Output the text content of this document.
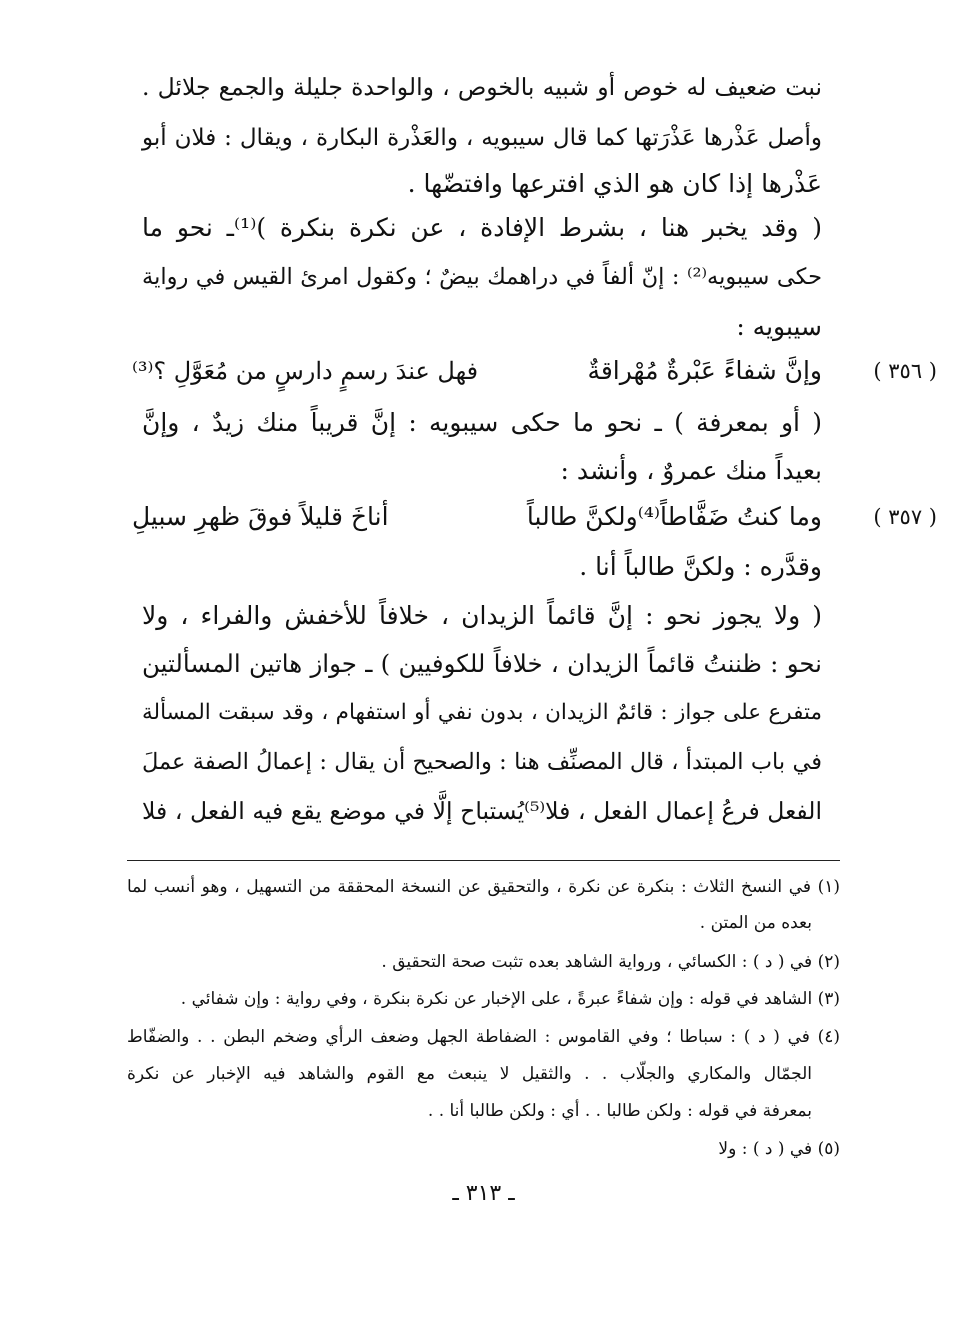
نبت ضعيف له خوص أو شبيه بالخوص ، والواحدة جليلة والجمع جلائل .
وأصل عَذْرها عَذْرَتها كما قال سيبويه ، والعَذْرة البكارة ، ويقال : فلان أبو
عَذْرها إذا كان هو الذي افترعها وافتضّها .
( وقد يخبر هنا ، بشرط الإفادة ، عن نكرة بنكرة )⁽¹⁾ـ نحو ما
حكى سيبويه⁽²⁾ : إنّ ألفاً في دراهمك بيضٌ ؛ وكقول امرئ القيس في رواية
سيبويه :
( ٣٥٦ )
وإنَّ شفاءً عَبْرةٌ مُهْراقةٌ
فهل عندَ رسمٍ دارسٍ من مُعَوَّلِ ؟⁽³⁾
( أو بمعرفة ) ـ نحو ما حكى سيبويه : إنَّ قريباً منك زيدٌ ، وإنَّ
بعيداً منك عمروٌ ، وأنشد :
( ٣٥٧ )
وما كنتُ ضَفَّاطاً⁽⁴⁾ولكنَّ طالباً
أناخَ قليلاً فوقَ ظهرِ سبيلِ
وقدَّره : ولكنَّ طالباً أنا .
( ولا يجوز نحو : إنَّ قائماً الزيدان ، خلافاً للأخفش والفراء ، ولا
نحو : ظننتُ قائماً الزيدان ، خلافاً للكوفيين ) ـ جواز هاتين المسألتين
متفرع على جواز : قائمٌ الزيدان ، بدون نفي أو استفهام ، وقد سبقت المسألة
في باب المبتدأ ، قال المصنِّف هنا : والصحيح أن يقال : إعمالُ الصفة عملَ
الفعل فرعُ إعمال الفعل ، فلا⁽⁵⁾يُستباح إلَّا في موضع يقع فيه الفعل ، فلا
(١) في النسخ الثلاث : بنكرة عن نكرة ، والتحقيق عن النسخة المحققة من التسهيل ، وهو أنسب لما
بعده من المتن .
(٢) في ( د ) : الكسائي ، ورواية الشاهد بعده تثبت صحة التحقيق .
(٣) الشاهد في قوله : وإن شفاءً عبرةً ، على الإخبار عن نكرة بنكرة ، وفي رواية : وإن شفائي .
(٤) في ( د ) : سباطا ؛ وفي القاموس : الضفاطة الجهل وضعف الرأي وضخم البطن . . والضفّاط
الجمّال والمكاري والجلّاب . . والثقيل لا ينبعث مع القوم والشاهد فيه الإخبار عن نكرة
بمعرفة في قوله : ولكن طالبا . . أي : ولكن طالبا أنا . .
(٥) في ( د ) : ولا
ـ ٣١٣ ـ
